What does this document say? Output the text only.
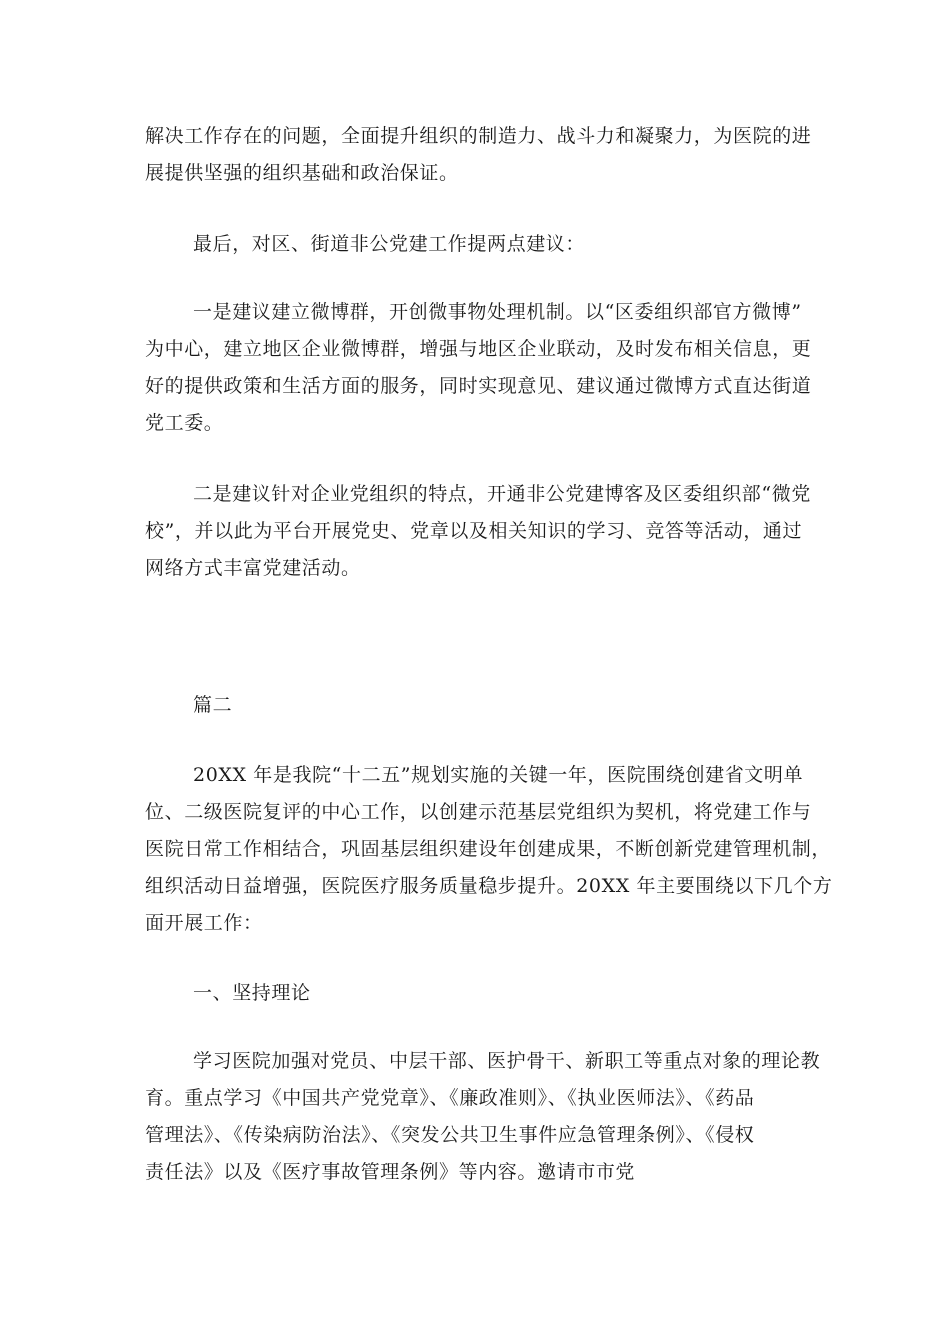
解决工作存在的问题，全面提升组织的制造力、战斗力和凝聚力，为医院的进
展提供坚强的组织基础和政治保证。

最后，对区、街道非公党建工作提两点建议：

一是建议建立微博群，开创微事物处理机制。以“区委组织部官方微博”
为中心，建立地区企业微博群，增强与地区企业联动，及时发布相关信息，更
好的提供政策和生活方面的服务，同时实现意见、建议通过微博方式直达街道
党工委。

二是建议针对企业党组织的特点，开通非公党建博客及区委组织部“微党
校”，并以此为平台开展党史、党章以及相关知识的学习、竞答等活动，通过
网络方式丰富党建活动。

篇二

20XX 年是我院“十二五”规划实施的关键一年，医院围绕创建省文明单
位、二级医院复评的中心工作，以创建示范基层党组织为契机，将党建工作与
医院日常工作相结合，巩固基层组织建设年创建成果，不断创新党建管理机制，
组织活动日益增强，医院医疗服务质量稳步提升。20XX 年主要围绕以下几个方
面开展工作：

一、坚持理论

学习医院加强对党员、中层干部、医护骨干、新职工等重点对象的理论教
育。重点学习《中国共产党党章》、《廉政准则》、《执业医师法》、《药品
管理法》、《传染病防治法》、《突发公共卫生事件应急管理条例》、《侵权
责任法》以及《医疗事故管理条例》等内容。邀请市市党
